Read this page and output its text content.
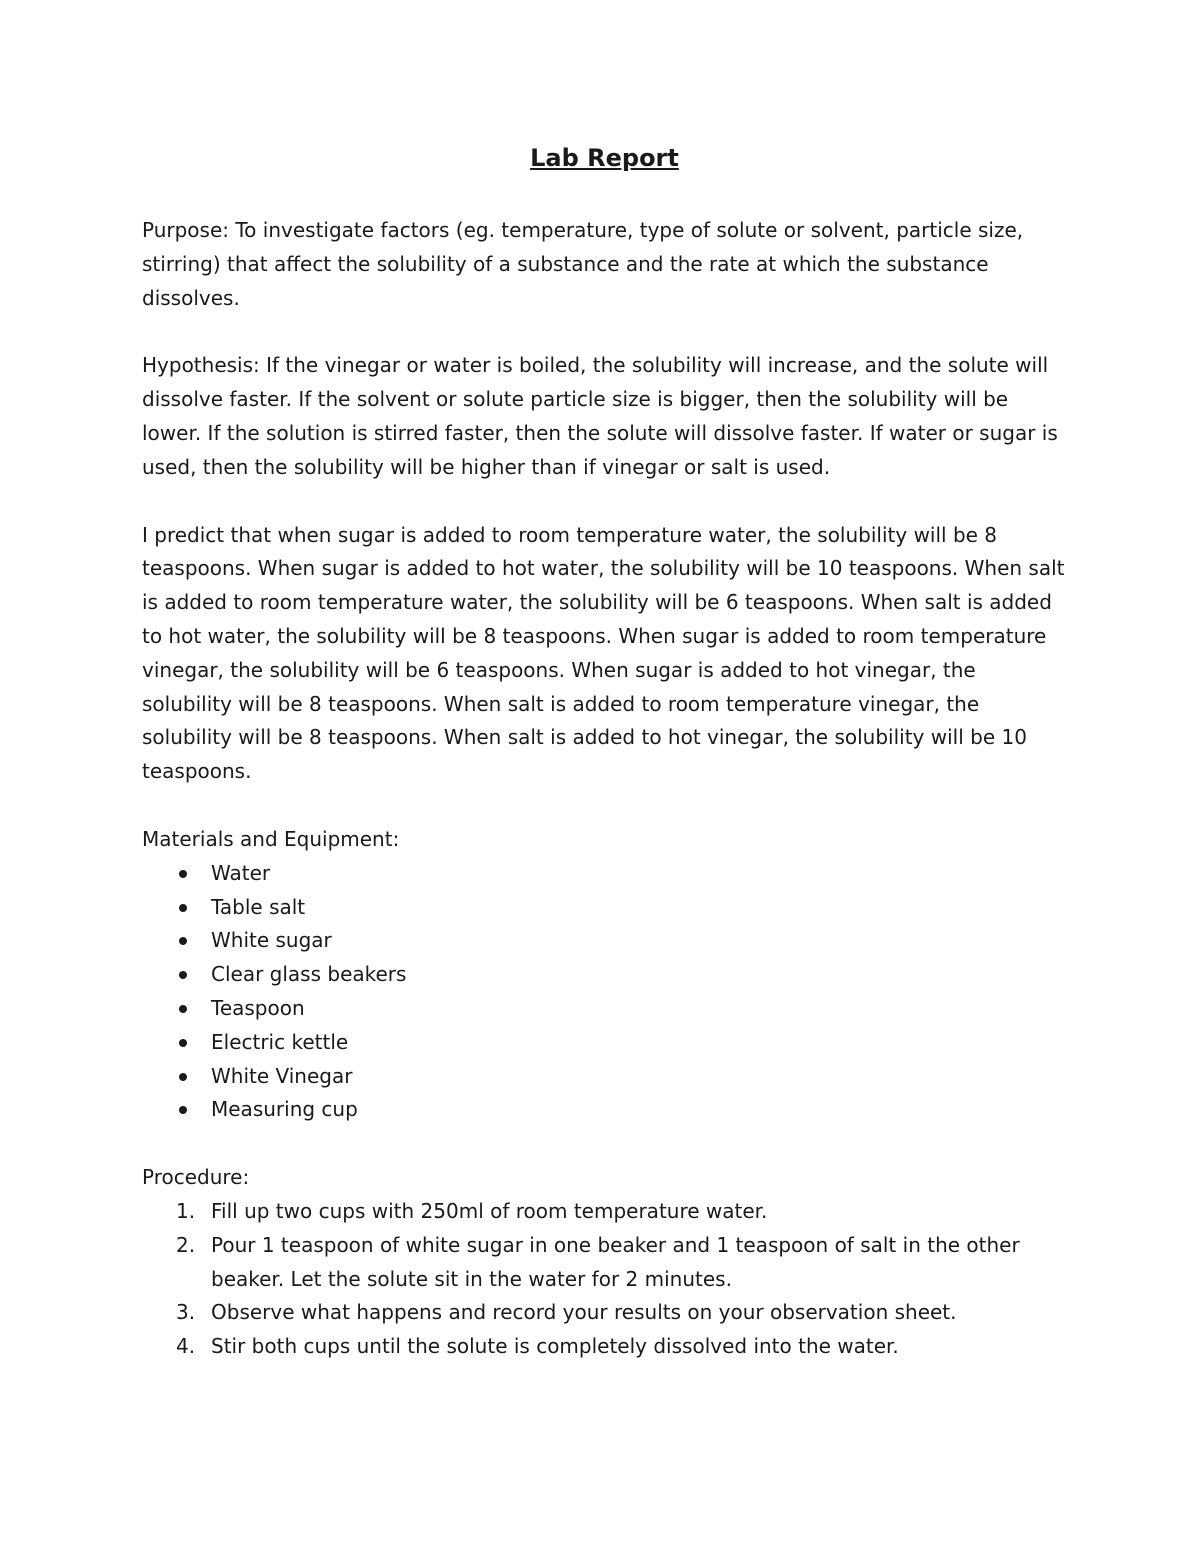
Lab Report

Purpose: To investigate factors (eg. temperature, type of solute or solvent, particle size, stirring) that affect the solubility of a substance and the rate at which the substance dissolves.

Hypothesis: If the vinegar or water is boiled, the solubility will increase, and the solute will dissolve faster. If the solvent or solute particle size is bigger, then the solubility will be lower. If the solution is stirred faster, then the solute will dissolve faster. If water or sugar is used, then the solubility will be higher than if vinegar or salt is used.

I predict that when sugar is added to room temperature water, the solubility will be 8 teaspoons. When sugar is added to hot water, the solubility will be 10 teaspoons. When salt is added to room temperature water, the solubility will be 6 teaspoons. When salt is added to hot water, the solubility will be 8 teaspoons. When sugar is added to room temperature vinegar, the solubility will be 6 teaspoons. When sugar is added to hot vinegar, the solubility will be 8 teaspoons. When salt is added to room temperature vinegar, the solubility will be 8 teaspoons. When salt is added to hot vinegar, the solubility will be 10 teaspoons.

Materials and Equipment:

Water
Table salt
White sugar
Clear glass beakers
Teaspoon
Electric kettle
White Vinegar
Measuring cup

Procedure:

1. Fill up two cups with 250ml of room temperature water.
2. Pour 1 teaspoon of white sugar in one beaker and 1 teaspoon of salt in the other beaker. Let the solute sit in the water for 2 minutes.
3. Observe what happens and record your results on your observation sheet.
4. Stir both cups until the solute is completely dissolved into the water.
